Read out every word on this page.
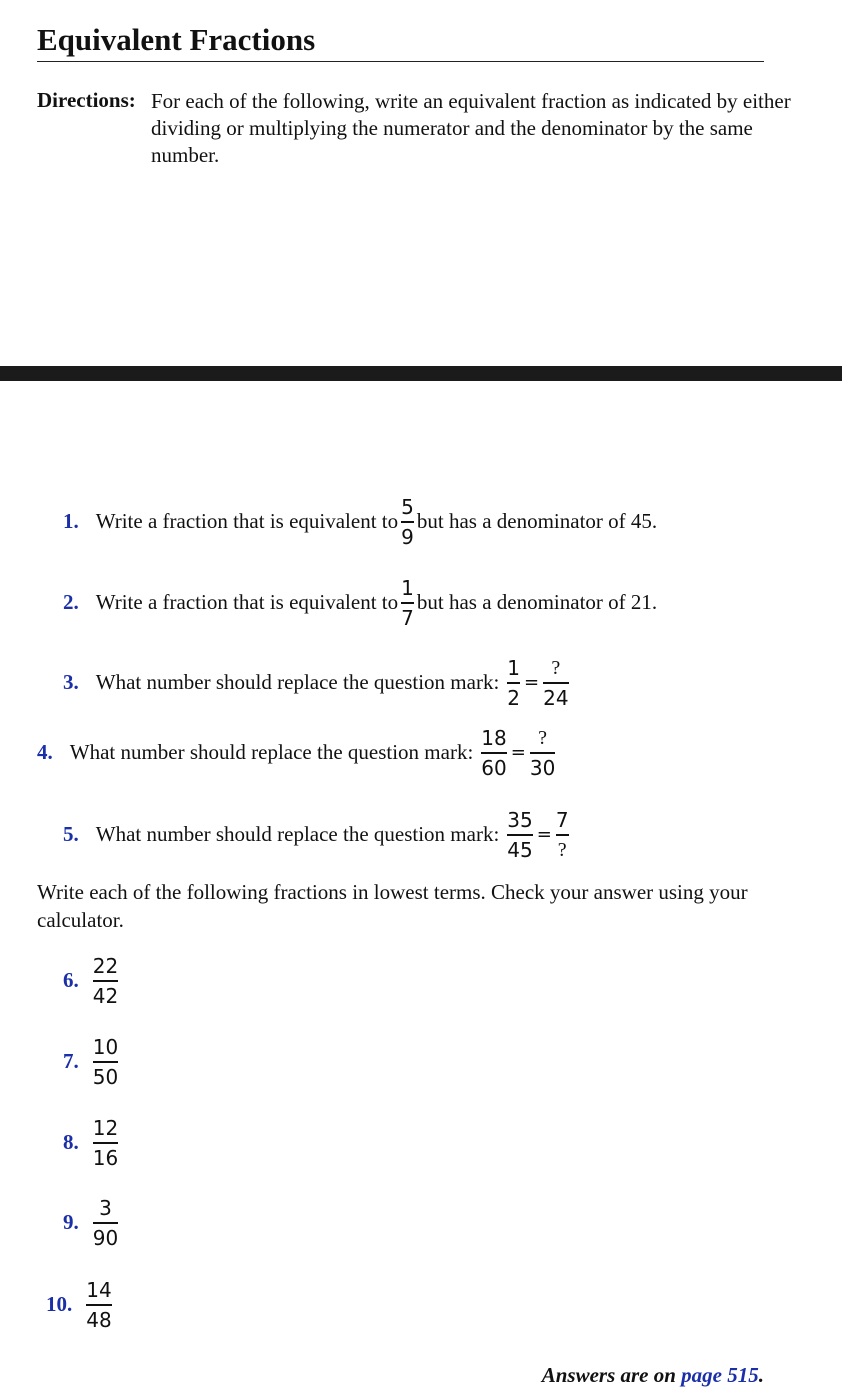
Equivalent Fractions
Directions: For each of the following, write an equivalent fraction as indicated by either dividing or multiplying the numerator and the denominator by the same number.
1. Write a fraction that is equivalent to $\frac{5}{9}$ but has a denominator of 45.
2. Write a fraction that is equivalent to $\frac{1}{7}$ but has a denominator of 21.
3. What number should replace the question mark: $\frac{1}{2} = \frac{?}{24}$
4. What number should replace the question mark: $\frac{18}{60} = \frac{?}{30}$
5. What number should replace the question mark: $\frac{35}{45} = \frac{7}{?}$
Write each of the following fractions in lowest terms. Check your answer using your calculator.
6. $\frac{22}{42}$
7. $\frac{10}{50}$
8. $\frac{12}{16}$
9. $\frac{3}{90}$
10. $\frac{14}{48}$
Answers are on page 515.
